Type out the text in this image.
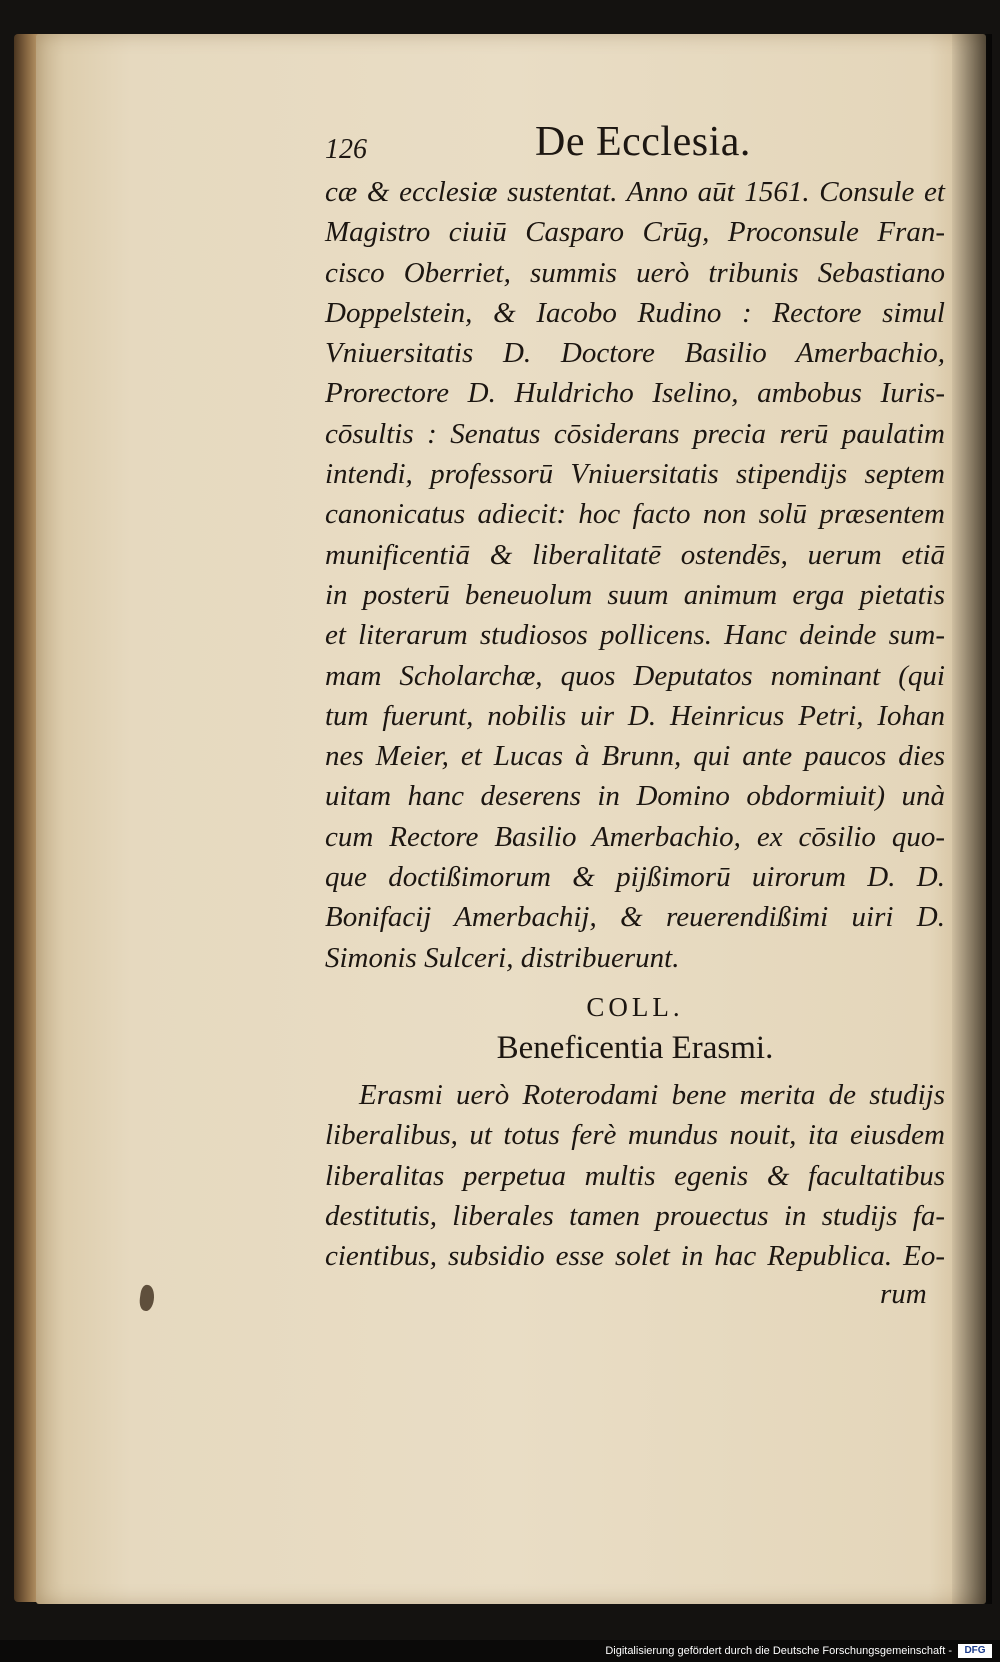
126	De Ecclesia.
cæ & ecclesiæ sustentat. Anno aūt 1561. Consule et
Magistro ciuiū Casparo Crūg, Proconsule Fran-
cisco Oberriet, summis uerò tribunis Sebastiano
Doppelstein, & Iacobo Rudino : Rectore simul
Vniuersitatis D. Doctore Basilio Amerbachio,
Prorectore D. Huldricho Iselino, ambobus Iuris-
cōsultis : Senatus cōsiderans precia rerū paulatim
intendi, professorū Vniuersitatis stipendijs septem
canonicatus adiecit: hoc facto non solū præsentem
munificentiā & liberalitatē ostendēs, uerum etiā
in posterū beneuolum suum animum erga pietatis
et literarum studiosos pollicens. Hanc deinde sum-
mam Scholarchæ, quos Deputatos nominant (qui
tum fuerunt, nobilis uir D. Heinricus Petri, Iohan
nes Meier, et Lucas à Brunn, qui ante paucos dies
uitam hanc deserens in Domino obdormiuit) unà
cum Rectore Basilio Amerbachio, ex cōsilio quo-
que doctißimorum & pijßimorū uirorum D. D.
Bonifacij Amerbachij, & reuerendißimi uiri D.
Simonis Sulceri, distribuerunt.
COLL.
Beneficentia Erasmi.
Erasmi uerò Roterodami bene merita de studijs
liberalibus, ut totus ferè mundus nouit, ita eiusdem
liberalitas perpetua multis egenis & facultatibus
destitutis, liberales tamen prouectus in studijs fa-
cientibus, subsidio esse solet in hac Republica. Eo-
rum
Digitalisierung gefördert durch die Deutsche Forschungsgemeinschaft -	DFG
